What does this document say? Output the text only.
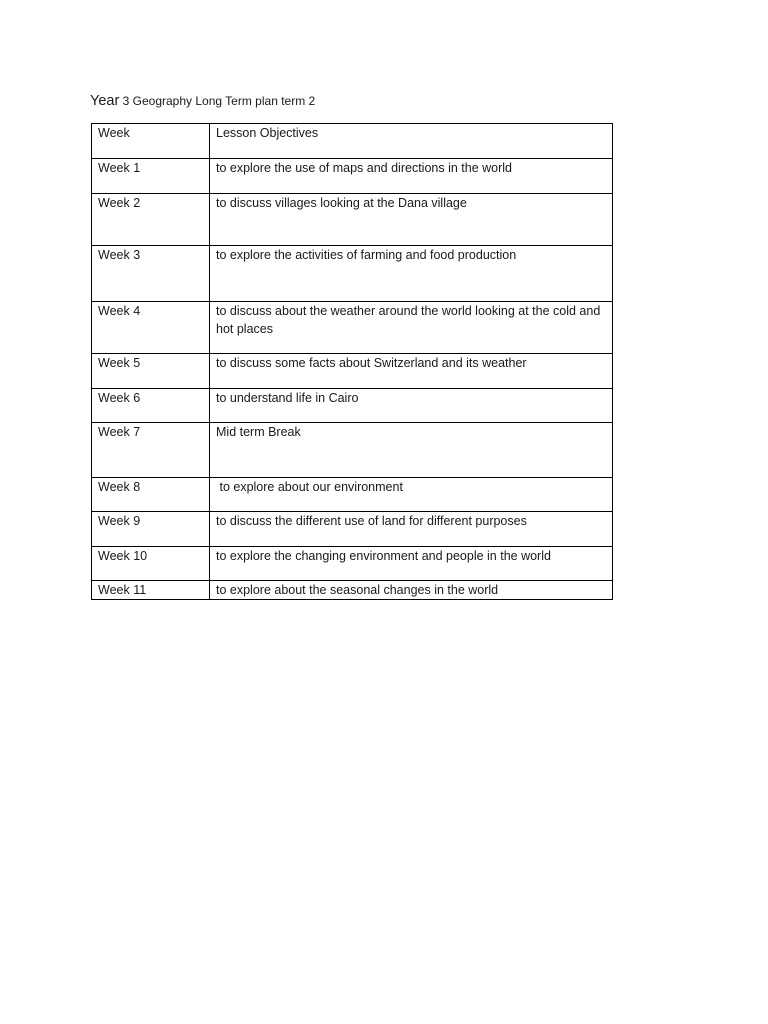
Year 3 Geography Long Term plan term 2
Week	Lesson Objectives

Week 1	to explore the use of maps and directions in the world

Week 2	to discuss villages looking at the Dana village

Week 3	to explore the activities of farming and food production

Week 4	to discuss about the weather around the world looking at the cold and hot places

Week 5	to discuss some facts about Switzerland and its weather

Week 6	to understand life in Cairo

Week 7	Mid term Break

Week 8	to explore about our environment

Week 9	to discuss the different use of land for different purposes

Week 10	to explore the changing environment and people in the world

Week 11	to explore about the seasonal changes in the world
